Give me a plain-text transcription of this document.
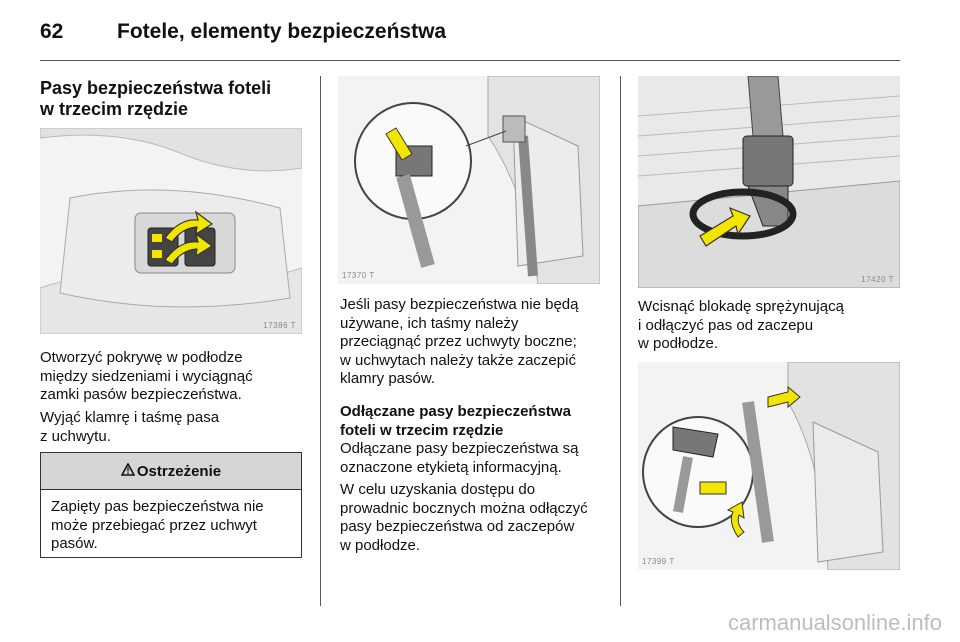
62	Fotele, elementy bezpieczeństwa
Pasy bezpieczeństwa foteli
w trzecim rzędzie
17386 T
Otworzyć pokrywę w podłodze
między siedzeniami i wyciągnąć
zamki pasów bezpieczeństwa.
Wyjąć klamrę i taśmę pasa
z uchwytu.
Ostrzeżenie
Zapięty pas bezpieczeństwa nie
może przebiegać przez uchwyt
pasów.
17370 T
Jeśli pasy bezpieczeństwa nie będą
używane, ich taśmy należy
przeciągnąć przez uchwyty boczne;
w uchwytach należy także zaczepić
klamry pasów.
Odłączane pasy bezpieczeństwa
foteli w trzecim rzędzie
Odłączane pasy bezpieczeństwa są
oznaczone etykietą informacyjną.
W celu uzyskania dostępu do
prowadnic bocznych można odłączyć
pasy bezpieczeństwa od zaczepów
w podłodze.
17420 T
Wcisnąć blokadę sprężynującą
i odłączyć pas od zaczepu
w podłodze.
17399 T
carmanualsonline.info
